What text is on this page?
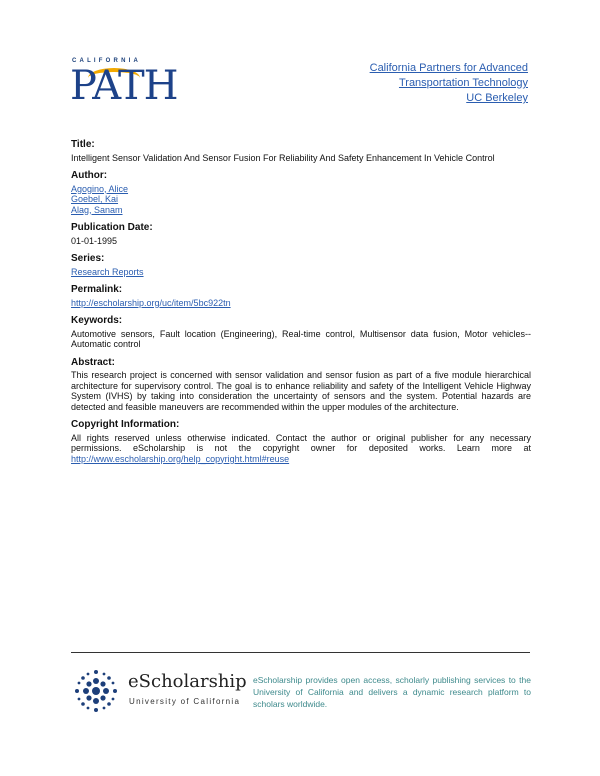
CALIFORNIA
PATH	California Partners for Advanced
Transportation Technology
UC Berkeley
Title:
Intelligent Sensor Validation And Sensor Fusion For Reliability And Safety Enhancement In Vehicle Control
Author:
Agogino, Alice
Goebel, Kai
Alag, Sanam
Publication Date:
01-01-1995
Series:
Research Reports
Permalink:
http://escholarship.org/uc/item/5bc922tn
Keywords:
Automotive sensors, Fault location (Engineering), Real-time control, Multisensor data fusion, Motor vehicles--Automatic control
Abstract:
This research project is concerned with sensor validation and sensor fusion as part of a five module hierarchical architecture for supervisory control. The goal is to enhance reliability and safety of the Intelligent Vehicle Highway System (IVHS) by taking into consideration the uncertainty of sensors and the system. Potential hazards are detected and feasible maneuvers are recommended within the upper modules of the architecture.
Copyright Information:
All rights reserved unless otherwise indicated. Contact the author or original publisher for any necessary permissions. eScholarship is not the copyright owner for deposited works. Learn more at http://www.escholarship.org/help_copyright.html#reuse
eScholarship
University of California
eScholarship provides open access, scholarly publishing services to the University of California and delivers a dynamic research platform to scholars worldwide.
